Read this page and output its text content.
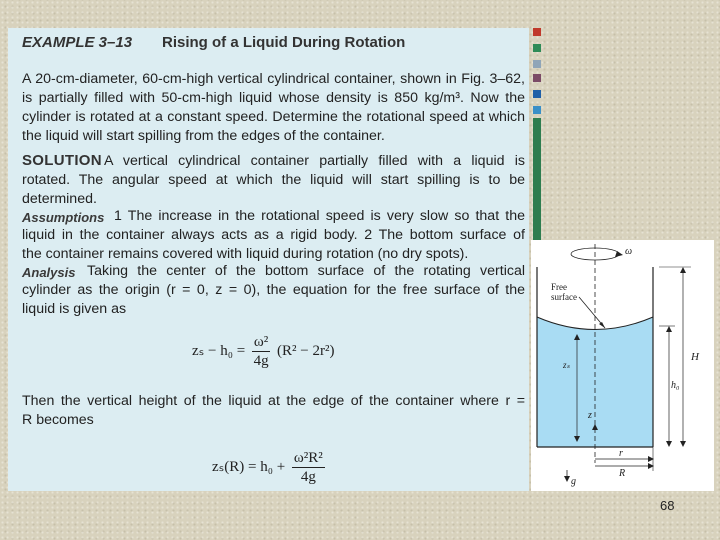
EXAMPLE 3–13 Rising of a Liquid During Rotation
A 20-cm-diameter, 60-cm-high vertical cylindrical container, shown in Fig. 3–62,
is partially filled with 50-cm-high liquid whose density is 850 kg/m³. Now the
cylinder is rotated at a constant speed. Determine the rotational speed at which
the liquid will start spilling from the edges of the container.
SOLUTION A vertical cylindrical container partially filled with a liquid is
rotated. The angular speed at which the liquid will start spilling is to be
determined.
Assumptions 1 The increase in the rotational speed is very slow so that the
liquid in the container always acts as a rigid body. 2 The bottom surface of
the container remains covered with liquid during rotation (no dry spots).
Analysis Taking the center of the bottom surface of the rotating vertical
cylinder as the origin (r = 0, z = 0), the equation for the free surface of the
liquid is given as
$z_s - h_0 = \frac{\text{ω²}}{4g} (R^2 - 2r^2)$
Then the vertical height of the liquid at the edge of the container where r =
R becomes
$z_s(R) = h_0 + \frac{\text{ω²R²}}{4g}$
ω
Free
surface
zₛ
z
H
h₀
r
R
g
68
